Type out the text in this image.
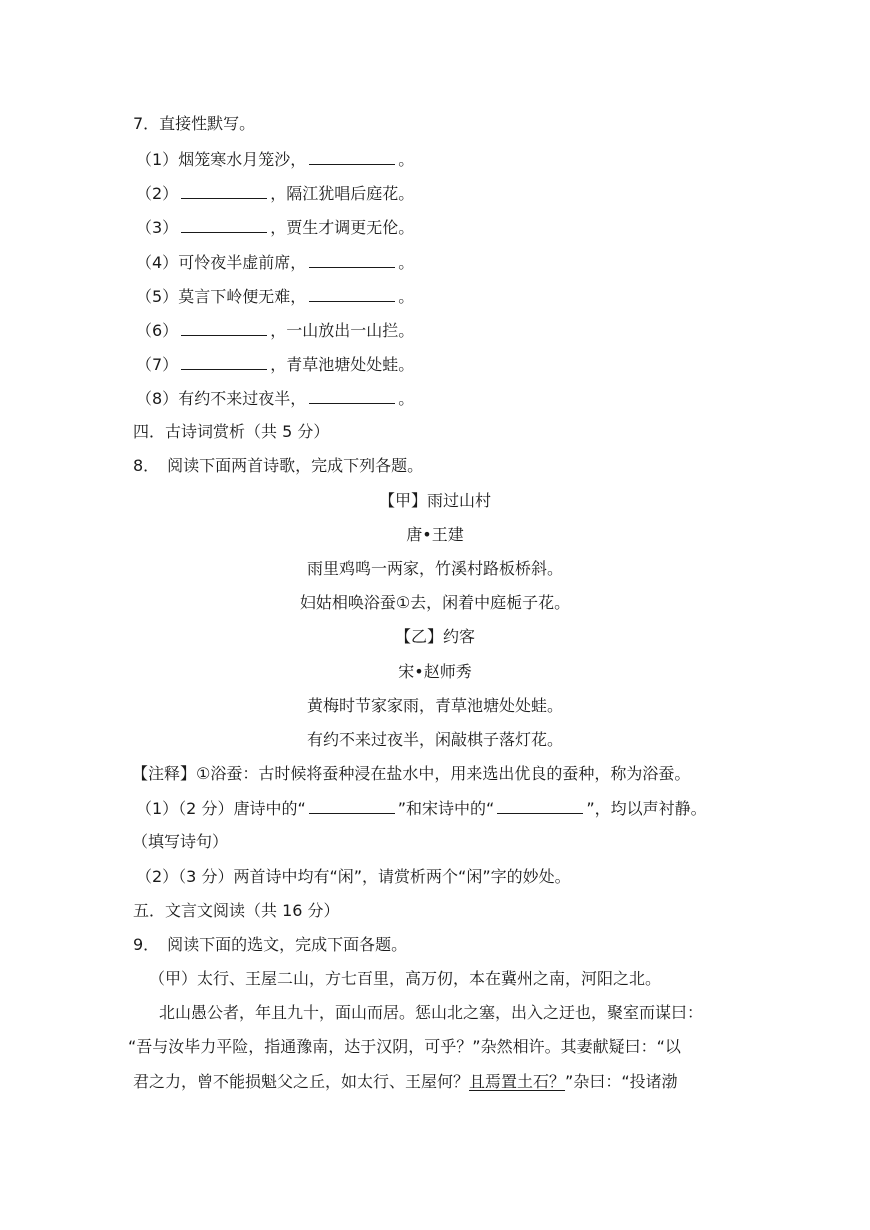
7．直接性默写。
（1）烟笼寒水月笼沙，	。
（2）	，隔江犹唱后庭花。
（3）	，贾生才调更无伦。
（4）可怜夜半虚前席，	。
（5）莫言下岭便无难，	。
（6）	，一山放出一山拦。
（7）	，青草池塘处处蛙。
（8）有约不来过夜半，	。
四．古诗词赏析（共 5 分）
8．　阅读下面两首诗歌，完成下列各题。
【甲】雨过山村
唐•王建
雨里鸡鸣一两家，竹溪村路板桥斜。
妇姑相唤浴蚕①去，闲着中庭栀子花。
【乙】约客
宋•赵师秀
黄梅时节家家雨，青草池塘处处蛙。
有约不来过夜半，闲敲棋子落灯花。
【注释】①浴蚕：古时候将蚕种浸在盐水中，用来选出优良的蚕种，称为浴蚕。
（1）（2 分）唐诗中的“	”和宋诗中的“	”，均以声衬静。
（填写诗句）
（2）（3 分）两首诗中均有“闲”，请赏析两个“闲”字的妙处。
五．文言文阅读（共 16 分）
9．　阅读下面的选文，完成下面各题。
（甲）太行、王屋二山，方七百里，高万仞，本在冀州之南，河阳之北。
北山愚公者，年且九十，面山而居。惩山北之塞，出入之迂也，聚室而谋曰：
“吾与汝毕力平险，指通豫南，达于汉阴，可乎？”杂然相许。其妻献疑曰：“以
君之力，曾不能损魁父之丘，如太行、王屋何？且焉置土石？”杂曰：“投诸渤
